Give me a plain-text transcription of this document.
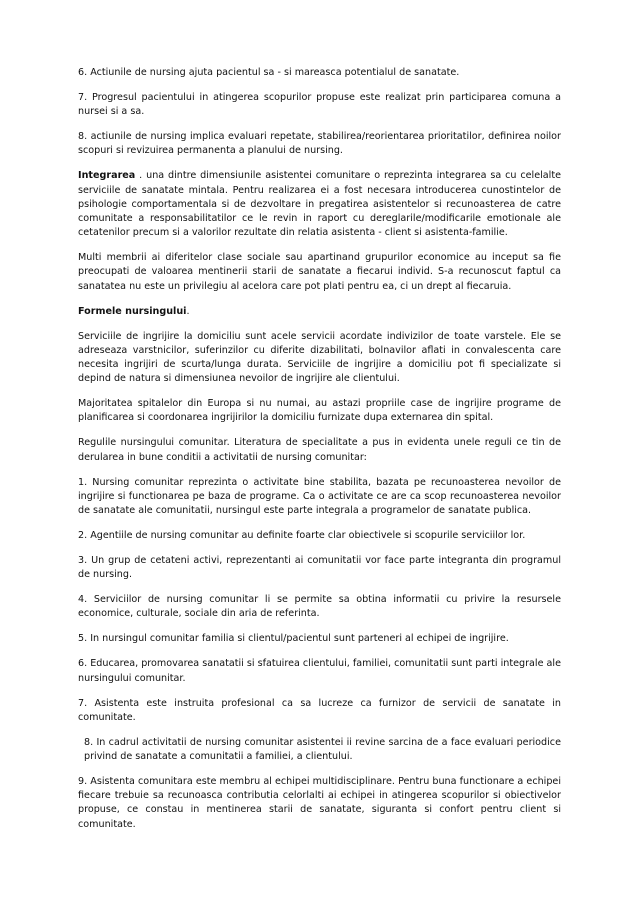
6. Actiunile de nursing ajuta pacientul sa - si mareasca potentialul de sanatate.

7. Progresul pacientului in atingerea scopurilor propuse este realizat prin participarea comuna a nursei si a sa.

8. actiunile de nursing implica evaluari repetate, stabilirea/reorientarea prioritatilor, definirea noilor scopuri si revizuirea permanenta a planului de nursing.

Integrarea . una dintre dimensiunile asistentei comunitare o reprezinta integrarea sa cu celelalte serviciile de sanatate mintala. Pentru realizarea ei a fost necesara introducerea cunostintelor de psihologie comportamentala si de dezvoltare in pregatirea asistentelor si recunoasterea de catre comunitate a responsabilitatilor ce le revin in raport cu dereglarile/modificarile emotionale ale cetatenilor precum si a valorilor rezultate din relatia asistenta - client si asistenta-familie.

Multi membrii ai diferitelor clase sociale sau apartinand grupurilor economice au inceput sa fie preocupati de valoarea mentinerii starii de sanatate a fiecarui individ. S-a recunoscut faptul ca sanatatea nu este un privilegiu al acelora care pot plati pentru ea, ci un drept al fiecaruia.

Formele nursingului.

Serviciile de ingrijire la domiciliu sunt acele servicii acordate indivizilor de toate varstele. Ele se adreseaza varstnicilor, suferinzilor cu diferite dizabilitati, bolnavilor aflati in convalescenta care necesita ingrijiri de scurta/lunga durata. Serviciile de ingrijire a domiciliu pot fi specializate si depind de natura si dimensiunea nevoilor de ingrijire ale clientului.

Majoritatea spitalelor din Europa si nu numai, au astazi propriile case de ingrijire programe de planificarea si coordonarea ingrijirilor la domiciliu furnizate dupa externarea din spital.

Regulile nursingului comunitar. Literatura de specialitate a pus in evidenta unele reguli ce tin de derularea in bune conditii a activitatii de nursing comunitar:

1. Nursing comunitar reprezinta o activitate bine stabilita, bazata pe recunoasterea nevoilor de ingrijire si functionarea pe baza de programe. Ca o activitate ce are ca scop recunoasterea nevoilor de sanatate ale comunitatii, nursingul este parte integrala a programelor de sanatate publica.

2. Agentiile de nursing comunitar au definite foarte clar obiectivele si scopurile serviciilor lor.

3. Un grup de cetateni activi, reprezentanti ai comunitatii vor face parte integranta din programul de nursing.

4. Serviciilor de nursing comunitar li se permite sa obtina informatii cu privire la resursele economice, culturale, sociale din aria de referinta.

5. In nursingul comunitar familia si clientul/pacientul sunt parteneri al echipei de ingrijire.

6. Educarea, promovarea sanatatii si sfatuirea clientului, familiei, comunitatii sunt parti integrale ale nursingului comunitar.

7. Asistenta este instruita profesional ca sa lucreze ca furnizor de servicii de sanatate in comunitate.

8. In cadrul activitatii de nursing comunitar asistentei ii revine sarcina de a face evaluari periodice privind de sanatate a comunitatii a familiei, a clientului.

9. Asistenta comunitara este membru al echipei multidisciplinare. Pentru buna functionare a echipei fiecare trebuie sa recunoasca contributia celorlalti ai echipei in atingerea scopurilor si obiectivelor propuse, ce constau in mentinerea starii de sanatate, siguranta si confort pentru client si comunitate.
